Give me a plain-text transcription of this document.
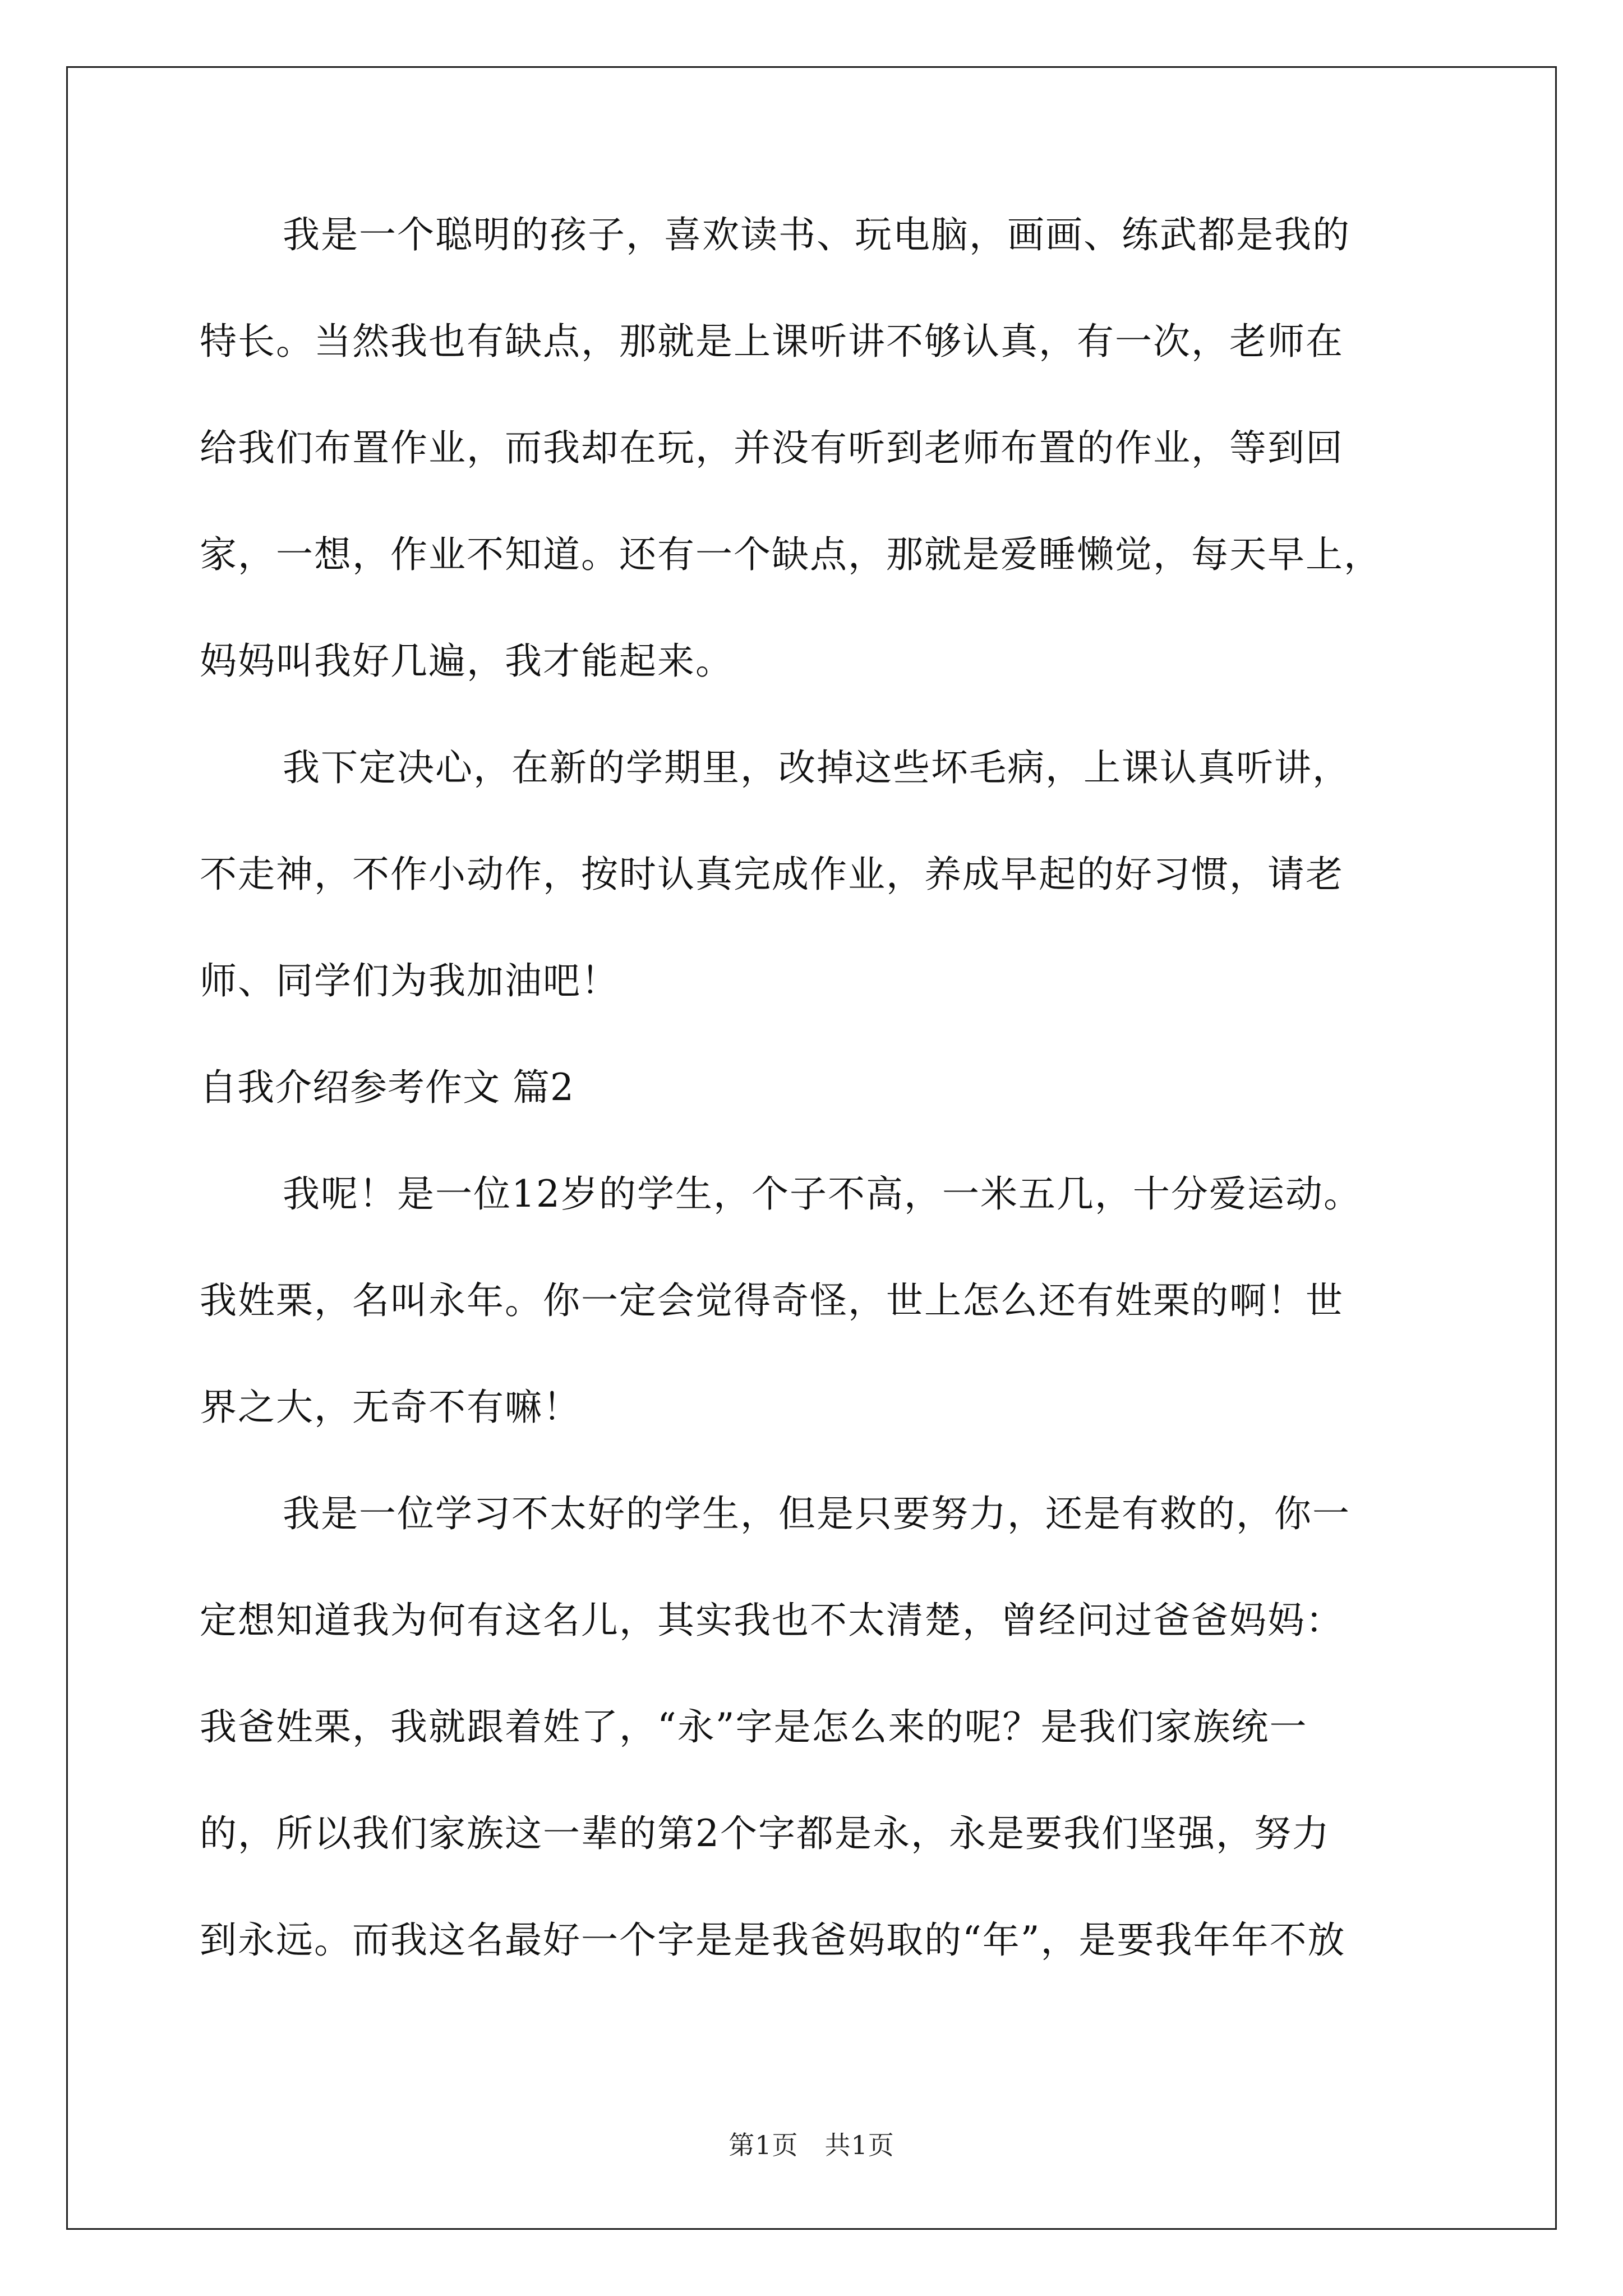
我是一个聪明的孩子，喜欢读书、玩电脑，画画、练武都是我的
特长。当然我也有缺点，那就是上课听讲不够认真，有一次，老师在
给我们布置作业，而我却在玩，并没有听到老师布置的作业，等到回
家，一想，作业不知道。还有一个缺点，那就是爱睡懒觉，每天早上，
妈妈叫我好几遍，我才能起来。
我下定决心，在新的学期里，改掉这些坏毛病，上课认真听讲，
不走神，不作小动作，按时认真完成作业，养成早起的好习惯，请老
师、同学们为我加油吧！
自我介绍参考作文 篇2
我呢！是一位12岁的学生，个子不高，一米五几，十分爱运动。
我姓栗，名叫永年。你一定会觉得奇怪，世上怎么还有姓栗的啊！世
界之大，无奇不有嘛！
我是一位学习不太好的学生，但是只要努力，还是有救的，你一
定想知道我为何有这名儿，其实我也不太清楚，曾经问过爸爸妈妈：
我爸姓栗，我就跟着姓了，“永”字是怎么来的呢？是我们家族统一
的，所以我们家族这一辈的第2个字都是永，永是要我们坚强，努力
到永远。而我这名最好一个字是是我爸妈取的“年”，是要我年年不放
第1页　共1页
